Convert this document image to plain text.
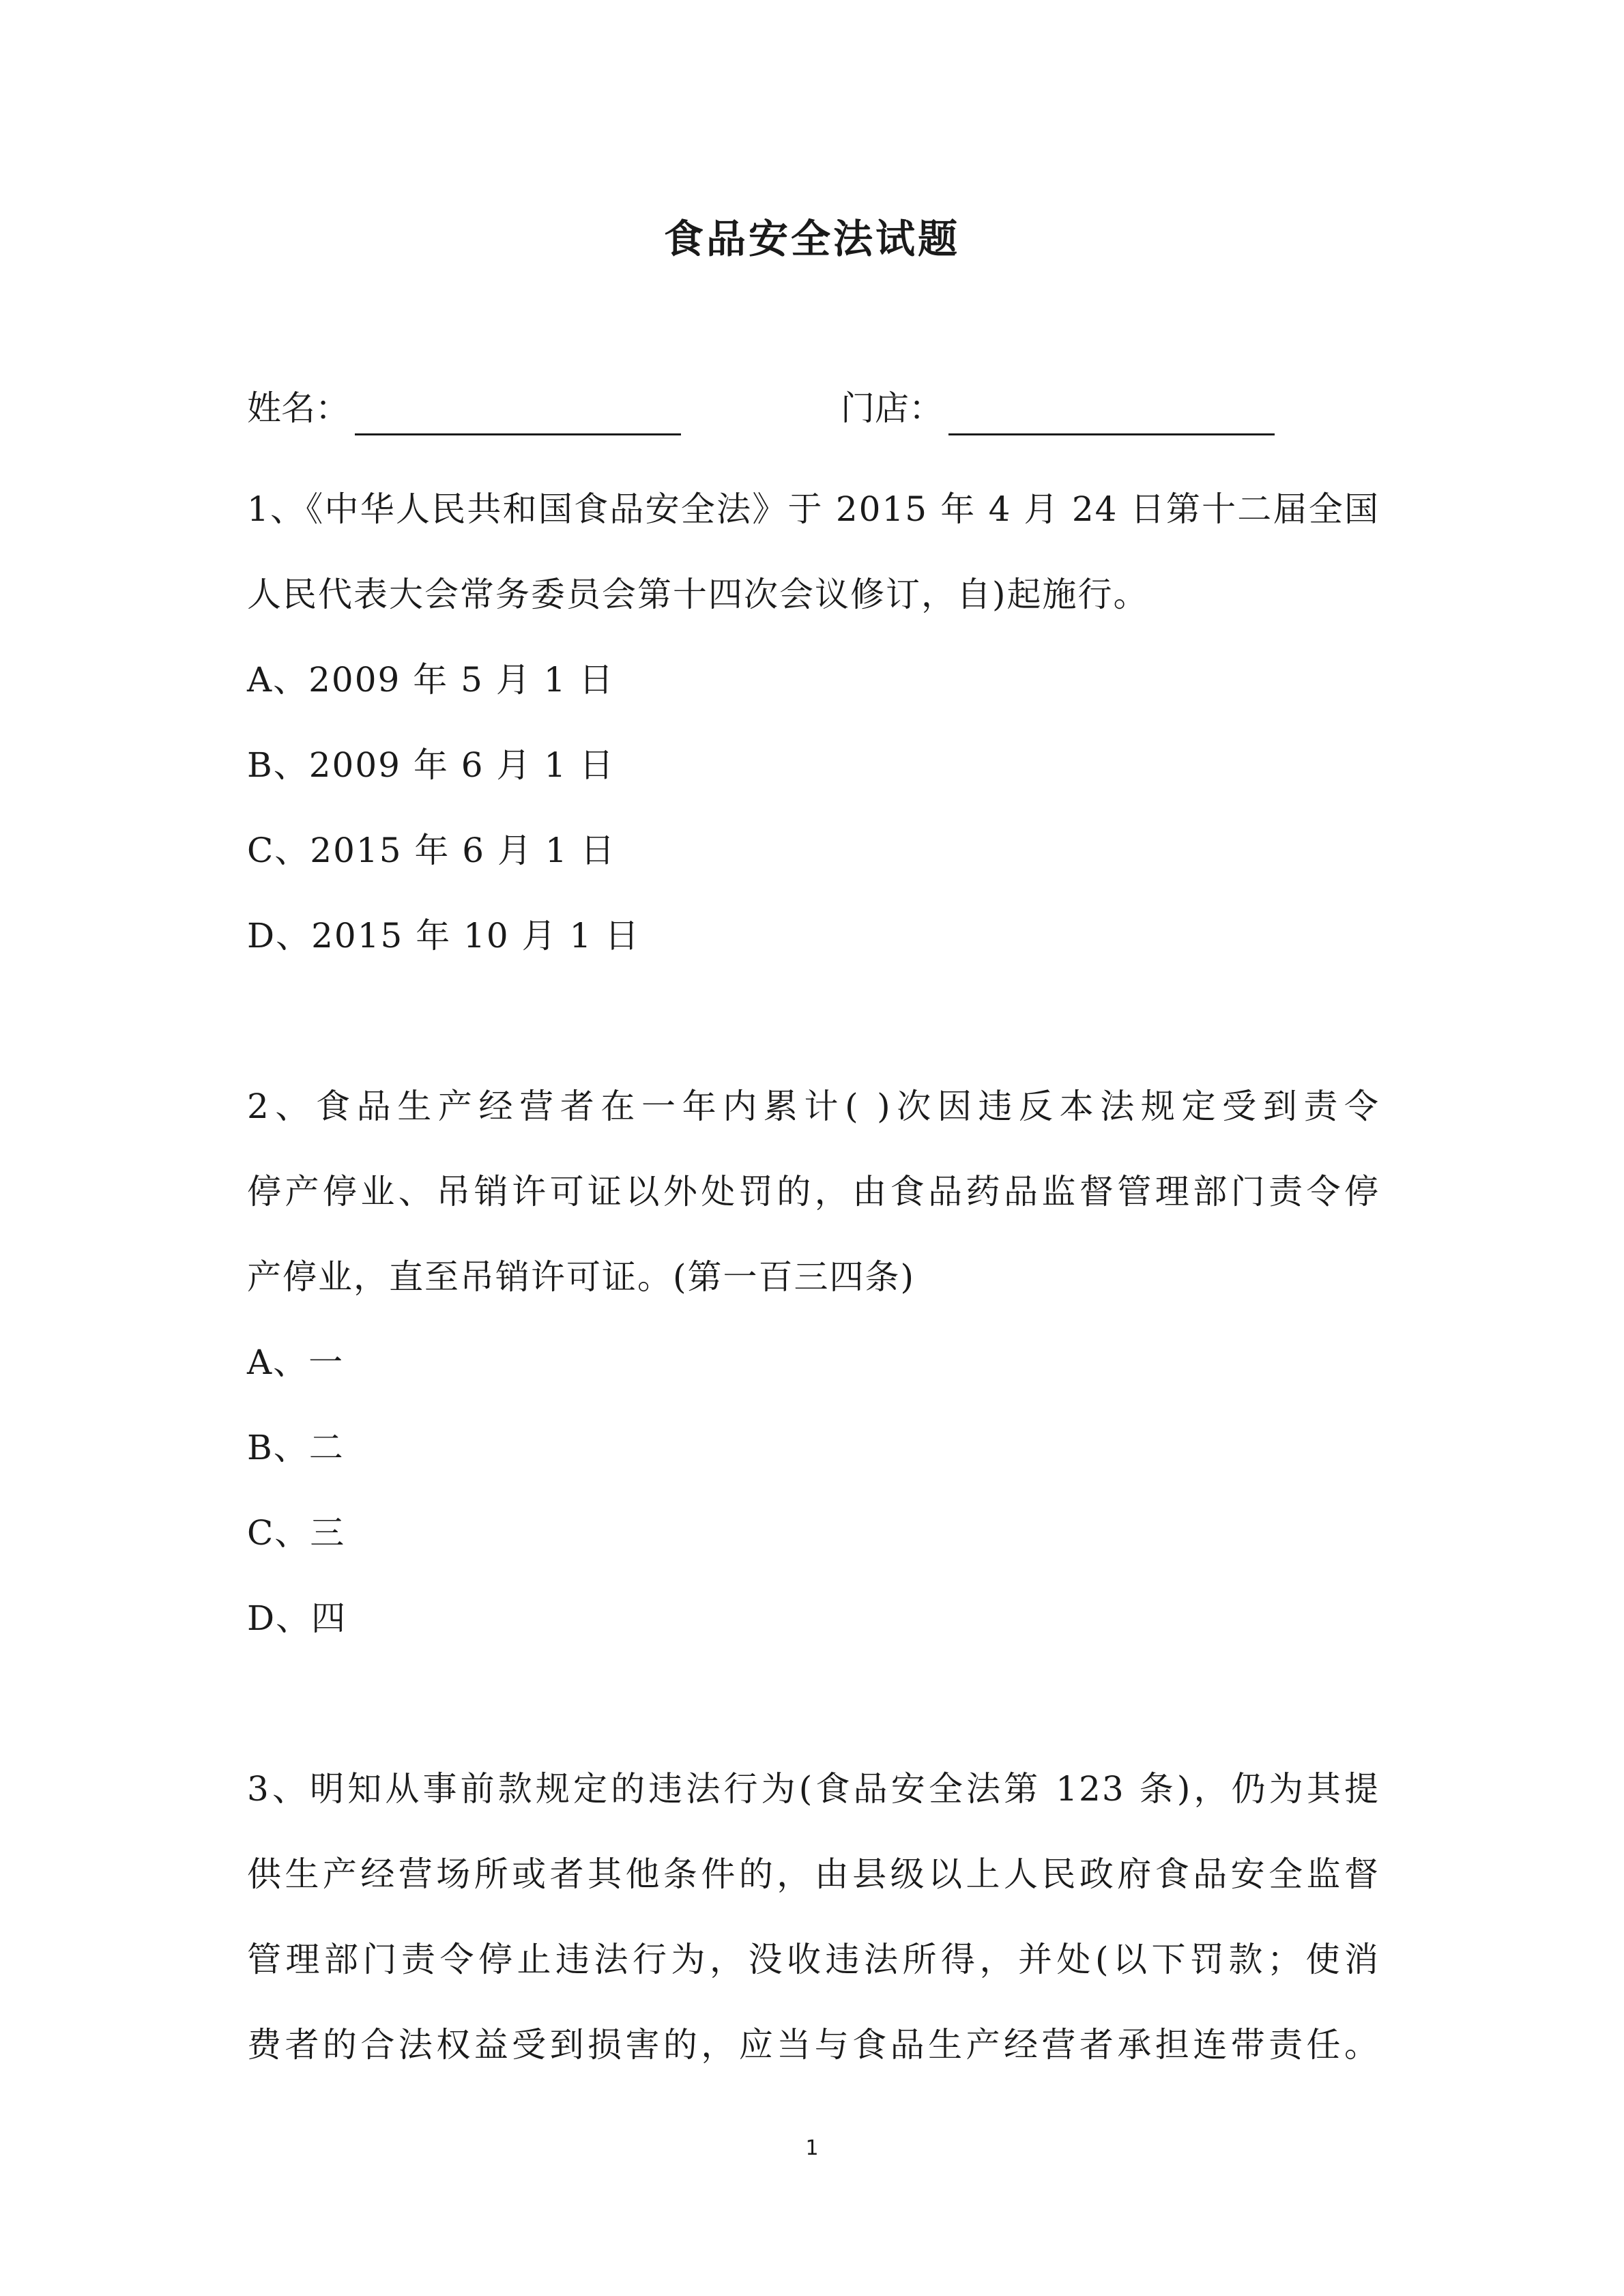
食品安全法试题
姓名：	门店：
1、《中华人民共和国食品安全法》于 2015 年 4 月 24 日第十二届全国
人民代表大会常务委员会第十四次会议修订，自)起施行。
A、2009 年 5 月 1 日
B、2009 年 6 月 1 日
C、2015 年 6 月 1 日
D、2015 年 10 月 1 日
2、食品生产经营者在一年内累计( )次因违反本法规定受到责令
停产停业、吊销许可证以外处罚的，由食品药品监督管理部门责令停
产停业，直至吊销许可证。(第一百三四条)
A、一
B、二
C、三
D、四
3、明知从事前款规定的违法行为(食品安全法第 123 条)，仍为其提
供生产经营场所或者其他条件的，由县级以上人民政府食品安全监督
管理部门责令停止违法行为，没收违法所得，并处(以下罚款；使消
费者的合法权益受到损害的，应当与食品生产经营者承担连带责任。
1
